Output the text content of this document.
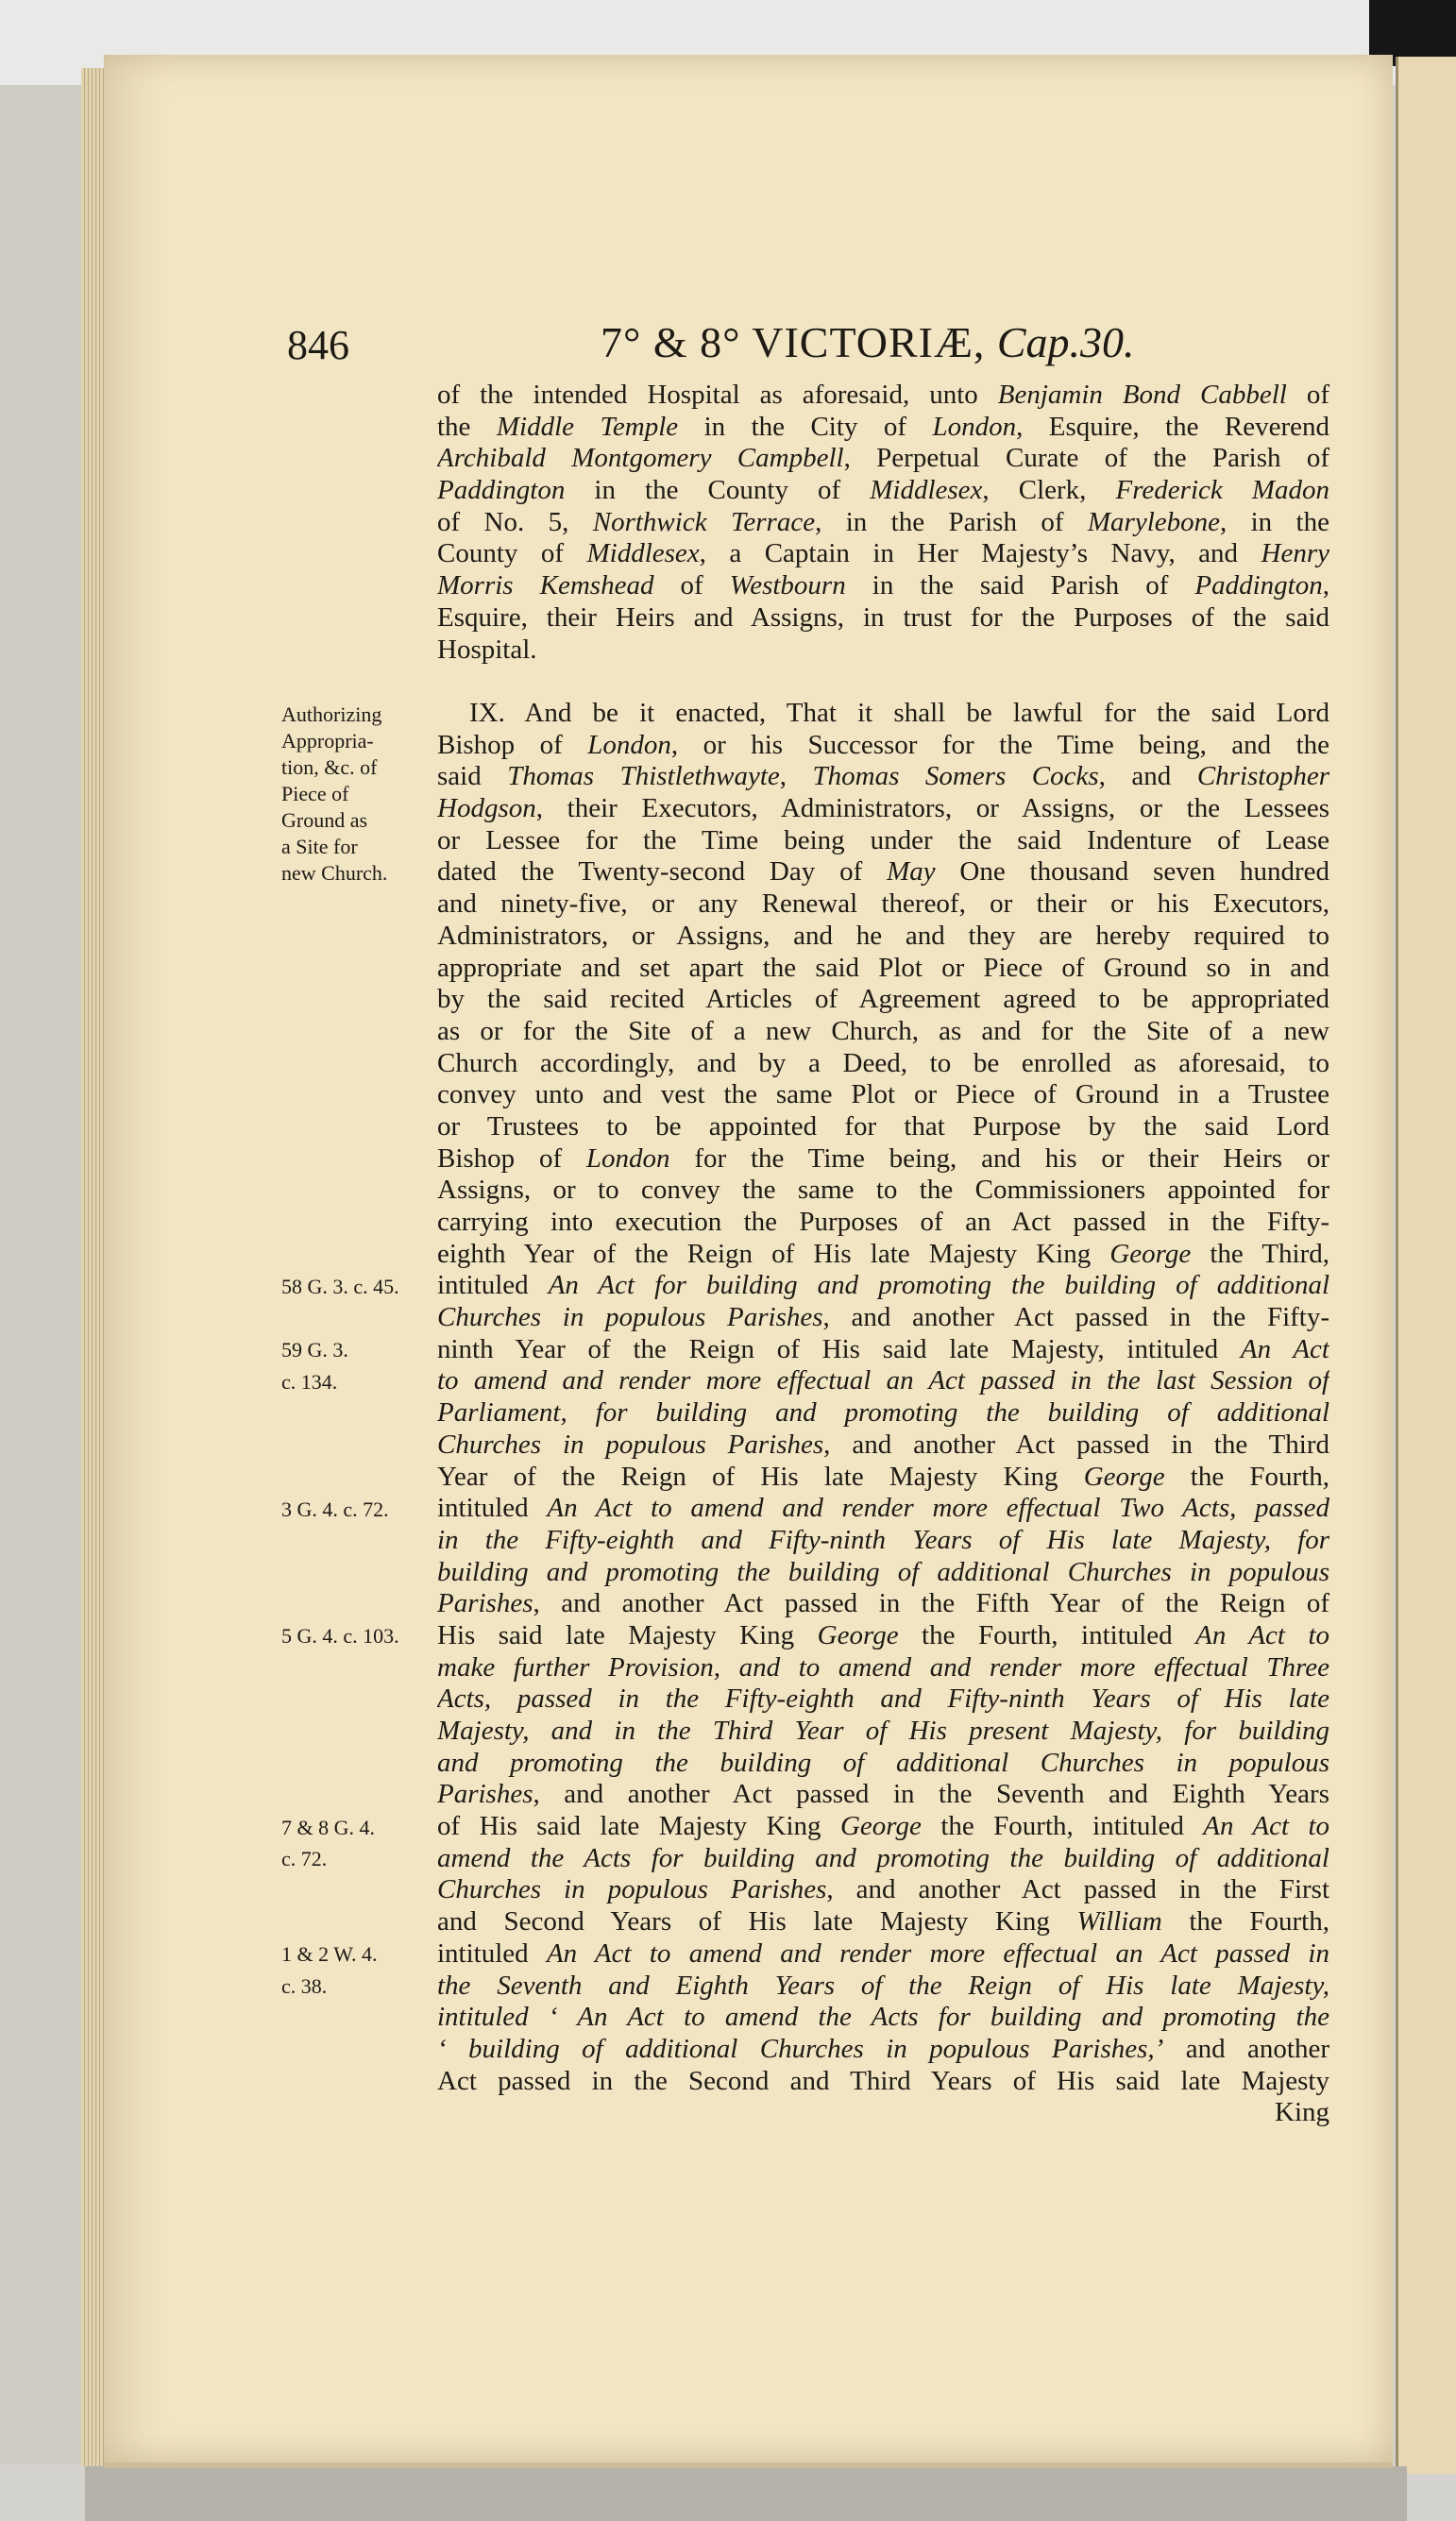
846	7° & 8° VICTORIÆ, Cap.30.
of the intended Hospital as aforesaid, unto Benjamin Bond Cabbell of
the Middle Temple in the City of London, Esquire, the Reverend
Archibald Montgomery Campbell, Perpetual Curate of the Parish of
Paddington in the County of Middlesex, Clerk, Frederick Madon
of No. 5, Northwick Terrace, in the Parish of Marylebone, in the
County of Middlesex, a Captain in Her Majesty’s Navy, and Henry
Morris Kemshead of Westbourn in the said Parish of Paddington,
Esquire, their Heirs and Assigns, in trust for the Purposes of the said
Hospital.
IX. And be it enacted, That it shall be lawful for the said Lord
Bishop of London, or his Successor for the Time being, and the
said Thomas Thistlethwayte, Thomas Somers Cocks, and Christopher
Hodgson, their Executors, Administrators, or Assigns, or the Lessees
or Lessee for the Time being under the said Indenture of Lease
dated the Twenty-second Day of May One thousand seven hundred
and ninety-five, or any Renewal thereof, or their or his Executors,
Administrators, or Assigns, and he and they are hereby required to
appropriate and set apart the said Plot or Piece of Ground so in and
by the said recited Articles of Agreement agreed to be appropriated
as or for the Site of a new Church, as and for the Site of a new
Church accordingly, and by a Deed, to be enrolled as aforesaid, to
convey unto and vest the same Plot or Piece of Ground in a Trustee
or Trustees to be appointed for that Purpose by the said Lord
Bishop of London for the Time being, and his or their Heirs or
Assigns, or to convey the same to the Commissioners appointed for
carrying into execution the Purposes of an Act passed in the Fifty-
eighth Year of the Reign of His late Majesty King George the Third,
intituled An Act for building and promoting the building of additional
Churches in populous Parishes, and another Act passed in the Fifty-
ninth Year of the Reign of His said late Majesty, intituled An Act
to amend and render more effectual an Act passed in the last Session of
Parliament, for building and promoting the building of additional
Churches in populous Parishes, and another Act passed in the Third
Year of the Reign of His late Majesty King George the Fourth,
intituled An Act to amend and render more effectual Two Acts, passed
in the Fifty-eighth and Fifty-ninth Years of His late Majesty, for
building and promoting the building of additional Churches in populous
Parishes, and another Act passed in the Fifth Year of the Reign of
His said late Majesty King George the Fourth, intituled An Act to
make further Provision, and to amend and render more effectual Three
Acts, passed in the Fifty-eighth and Fifty-ninth Years of His late
Majesty, and in the Third Year of His present Majesty, for building
and promoting the building of additional Churches in populous
Parishes, and another Act passed in the Seventh and Eighth Years
of His said late Majesty King George the Fourth, intituled An Act to
amend the Acts for building and promoting the building of additional
Churches in populous Parishes, and another Act passed in the First
and Second Years of His late Majesty King William the Fourth,
intituled An Act to amend and render more effectual an Act passed in
the Seventh and Eighth Years of the Reign of His late Majesty,
intituled ‘ An Act to amend the Acts for building and promoting the
‘ building of additional Churches in populous Parishes,’ and another
Act passed in the Second and Third Years of His said late Majesty
King
Authorizing
Appropria-
tion, &c. of
Piece of
Ground as
a Site for
new Church.
58 G. 3. c. 45.
59 G. 3.
c. 134.
3 G. 4. c. 72.
5 G. 4. c. 103.
7 & 8 G. 4.
c. 72.
1 & 2 W. 4.
c. 38.
